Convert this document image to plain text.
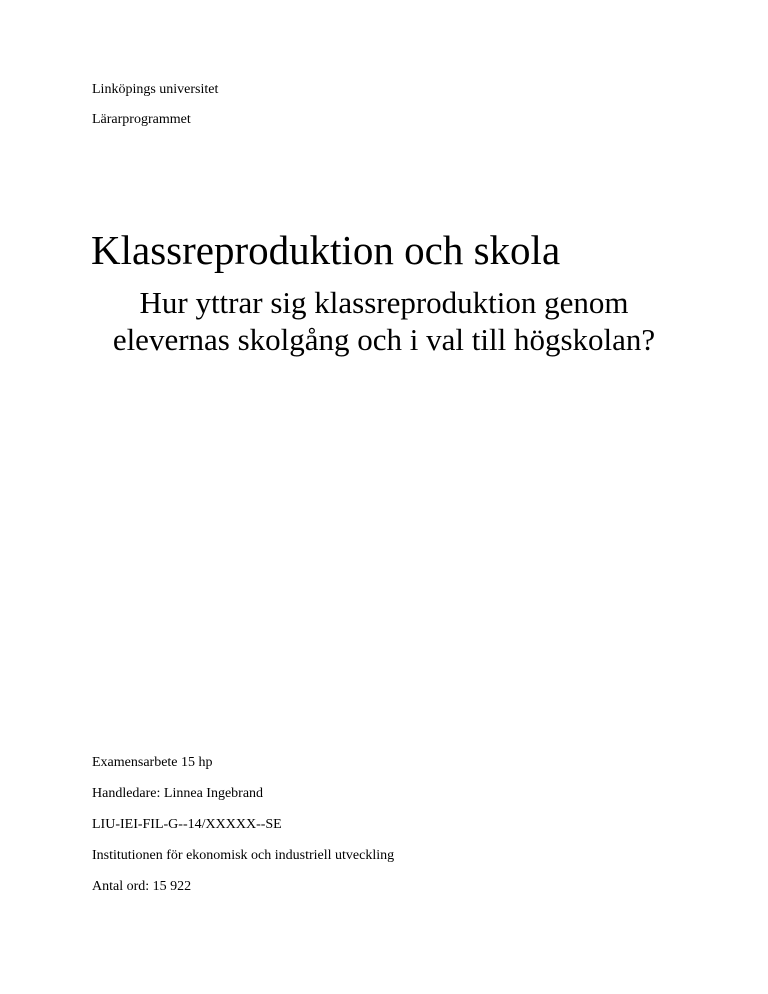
Linköpings universitet

Lärarprogrammet

Klassreproduktion och skola
Hur yttrar sig klassreproduktion genom elevernas skolgång och i val till högskolan?

Examensarbete 15 hp

Handledare: Linnea Ingebrand

LIU-IEI-FIL-G--14/XXXXX--SE

Institutionen för ekonomisk och industriell utveckling

Antal ord: 15 922
